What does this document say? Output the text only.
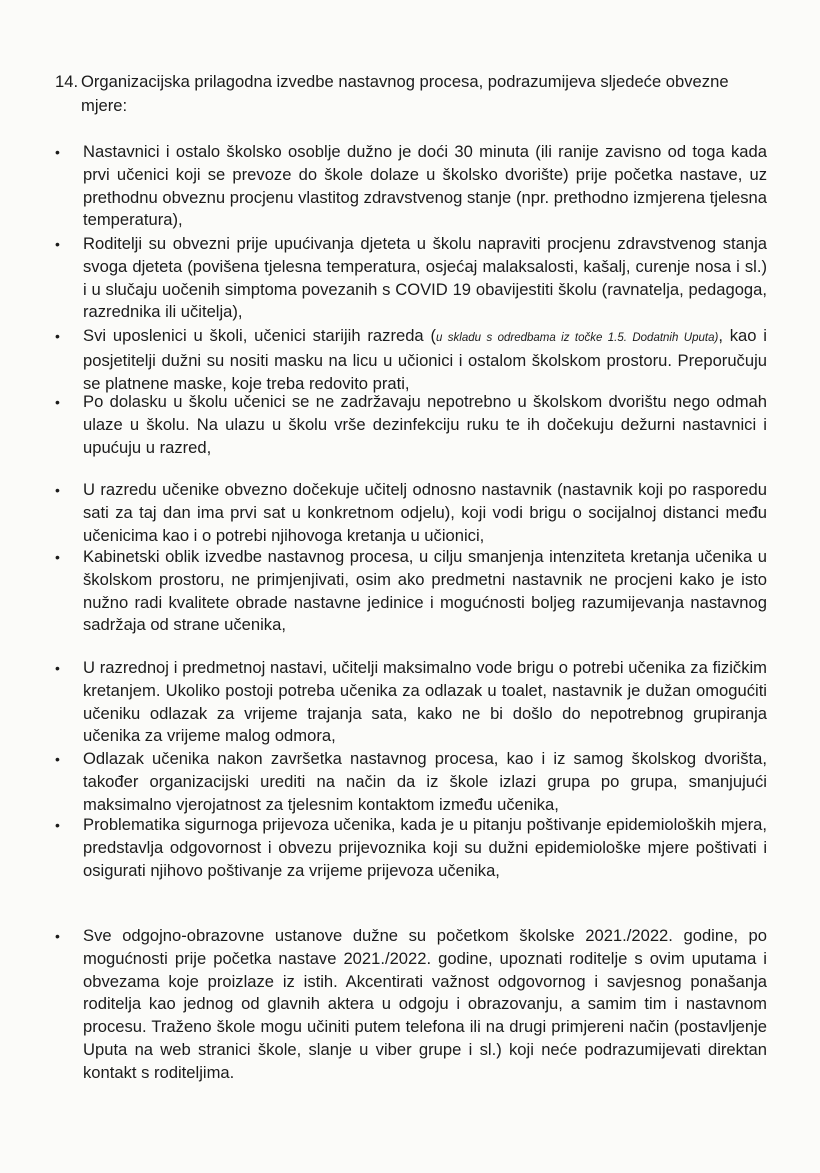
14. Organizacijska prilagodna izvedbe nastavnog procesa, podrazumijeva sljedeće obvezne mjere:
•	Nastavnici i ostalo školsko osoblje dužno je doći 30 minuta (ili ranije zavisno od toga kada prvi učenici koji se prevoze do škole dolaze u školsko dvorište) prije početka nastave, uz prethodnu obveznu procjenu vlastitog zdravstvenog stanje (npr. prethodno izmjerena tjelesna temperatura),
•	Roditelji su obvezni prije upućivanja djeteta u školu napraviti procjenu zdravstvenog stanja svoga djeteta (povišena tjelesna temperatura, osjećaj malaksalosti, kašalj, curenje nosa i sl.) i u slučaju uočenih simptoma povezanih s COVID 19 obavijestiti školu (ravnatelja, pedagoga, razrednika ili učitelja),
•	Svi uposlenici u školi, učenici starijih razreda (u skladu s odredbama iz točke 1.5. Dodatnih Uputa), kao i posjetitelji dužni su nositi masku na licu u učionici i ostalom školskom prostoru. Preporučuju se platnene maske, koje treba redovito prati,
•	Po dolasku u školu učenici se ne zadržavaju nepotrebno u školskom dvorištu nego odmah ulaze u školu. Na ulazu u školu vrše dezinfekciju ruku te ih dočekuju dežurni nastavnici i upućuju u razred,
•	U razredu učenike obvezno dočekuje učitelj odnosno nastavnik (nastavnik koji po rasporedu sati za taj dan ima prvi sat u konkretnom odjelu), koji vodi brigu o socijalnoj distanci među učenicima kao i o potrebi njihovoga kretanja u učionici,
•	Kabinetski oblik izvedbe nastavnog procesa, u cilju smanjenja intenziteta kretanja učenika u školskom prostoru, ne primjenjivati, osim ako predmetni nastavnik ne procjeni kako je isto nužno radi kvalitete obrade nastavne jedinice i mogućnosti boljeg razumijevanja nastavnog sadržaja od strane učenika,
•	U razrednoj i predmetnoj nastavi, učitelji maksimalno vode brigu o potrebi učenika za fizičkim kretanjem. Ukoliko postoji potreba učenika za odlazak u toalet, nastavnik je dužan omogućiti učeniku odlazak za vrijeme trajanja sata, kako ne bi došlo do nepotrebnog grupiranja učenika za vrijeme malog odmora,
•	Odlazak učenika nakon završetka nastavnog procesa, kao i iz samog školskog dvorišta, također organizacijski urediti na način da iz škole izlazi grupa po grupa, smanjujući maksimalno vjerojatnost za tjelesnim kontaktom između učenika,
•	Problematika sigurnoga prijevoza učenika, kada je u pitanju poštivanje epidemioloških mjera, predstavlja odgovornost i obvezu prijevoznika koji su dužni epidemiološke mjere poštivati i osigurati njihovo poštivanje za vrijeme prijevoza učenika,
•	Sve odgojno-obrazovne ustanove dužne su početkom školske 2021./2022. godine, po mogućnosti prije početka nastave 2021./2022. godine, upoznati roditelje s ovim uputama i obvezama koje proizlaze iz istih. Akcentirati važnost odgovornog i savjesnog ponašanja roditelja kao jednog od glavnih aktera u odgoju i obrazovanju, a samim tim i nastavnom procesu. Traženo škole mogu učiniti putem telefona ili na drugi primjereni način (postavljenje Uputa na web stranici škole, slanje u viber grupe i sl.) koji neće podrazumijevati direktan kontakt s roditeljima.
